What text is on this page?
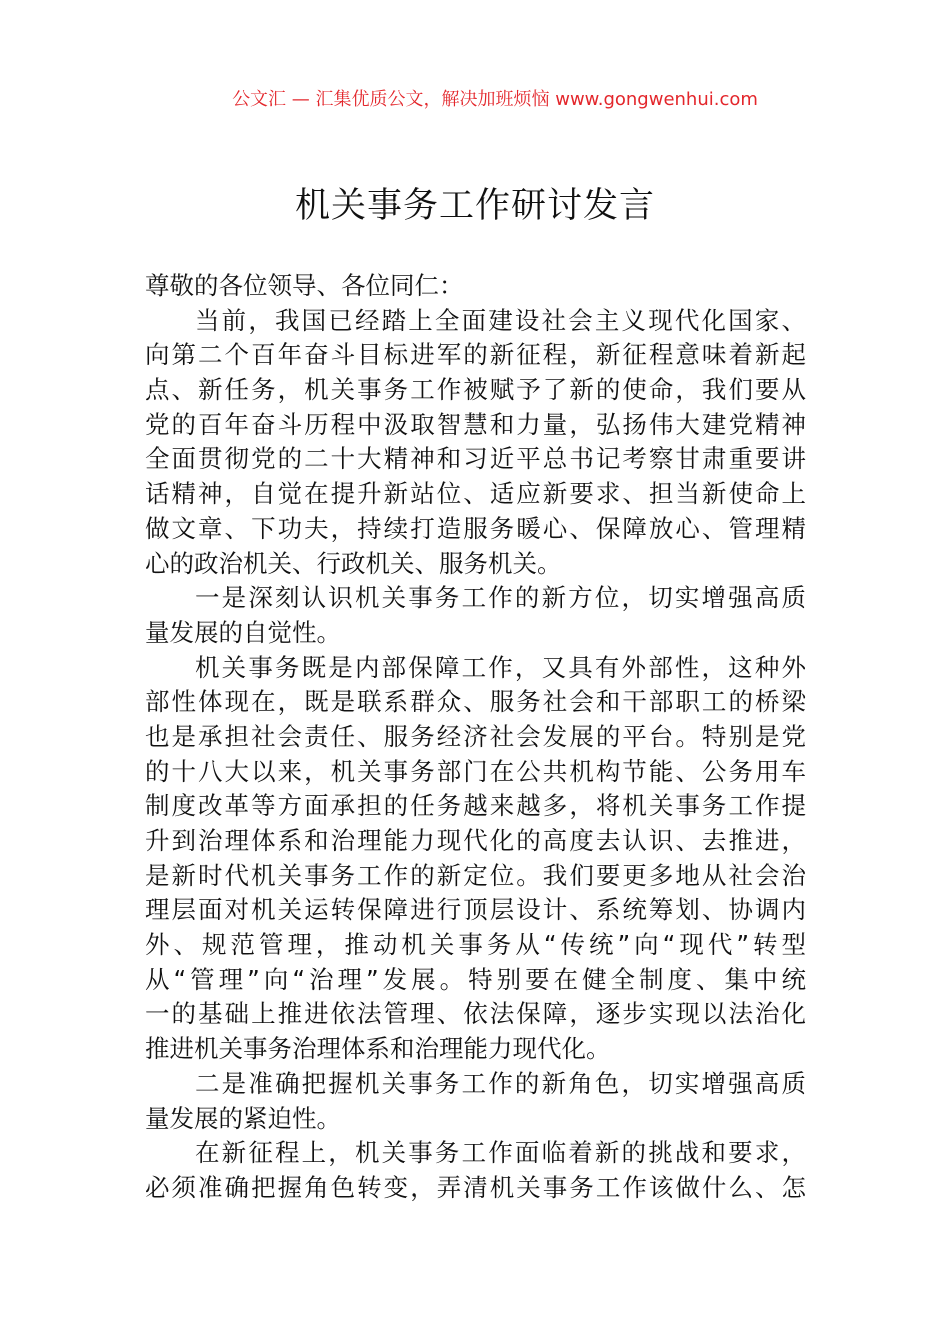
公文汇 — 汇集优质公文，解决加班烦恼 www.gongwenhui.com
机关事务工作研讨发言
尊敬的各位领导、各位同仁：
当前，我国已经踏上全面建设社会主义现代化国家、
向第二个百年奋斗目标进军的新征程，新征程意味着新起
点、新任务，机关事务工作被赋予了新的使命，我们要从
党的百年奋斗历程中汲取智慧和力量，弘扬伟大建党精神
全面贯彻党的二十大精神和习近平总书记考察甘肃重要讲
话精神，自觉在提升新站位、适应新要求、担当新使命上
做文章、下功夫，持续打造服务暖心、保障放心、管理精
心的政治机关、行政机关、服务机关。
一是深刻认识机关事务工作的新方位，切实增强高质
量发展的自觉性。
机关事务既是内部保障工作，又具有外部性，这种外
部性体现在，既是联系群众、服务社会和干部职工的桥梁
也是承担社会责任、服务经济社会发展的平台。特别是党
的十八大以来，机关事务部门在公共机构节能、公务用车
制度改革等方面承担的任务越来越多，将机关事务工作提
升到治理体系和治理能力现代化的高度去认识、去推进，
是新时代机关事务工作的新定位。我们要更多地从社会治
理层面对机关运转保障进行顶层设计、系统筹划、协调内
外、规范管理，推动机关事务从“传统”向“现代”转型
从“管理”向“治理”发展。特别要在健全制度、集中统
一的基础上推进依法管理、依法保障，逐步实现以法治化
推进机关事务治理体系和治理能力现代化。
二是准确把握机关事务工作的新角色，切实增强高质
量发展的紧迫性。
在新征程上，机关事务工作面临着新的挑战和要求，
必须准确把握角色转变，弄清机关事务工作该做什么、怎
